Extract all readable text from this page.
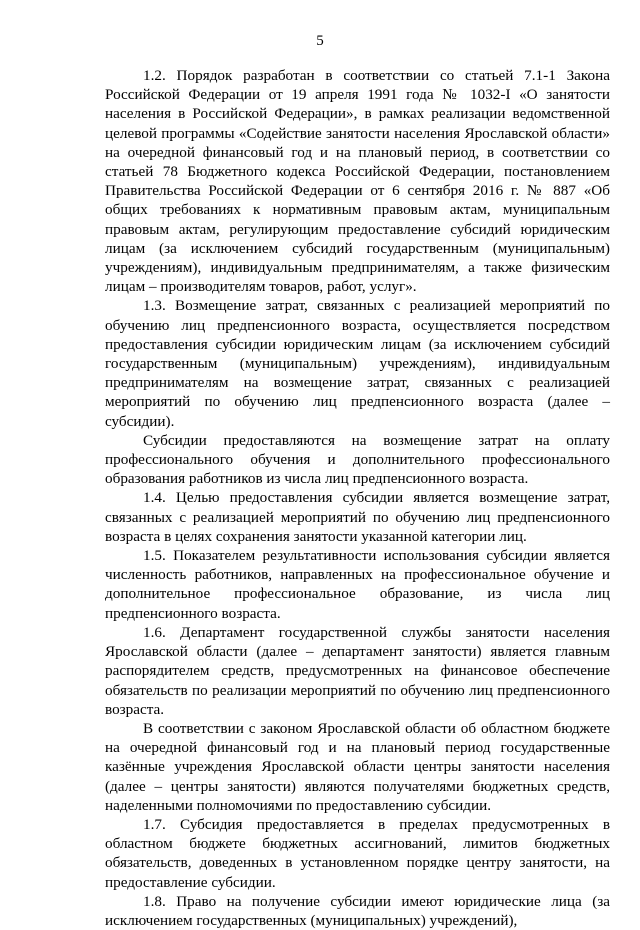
5

1.2. Порядок разработан в соответствии со статьей 7.1-1 Закона Российской Федерации от 19 апреля 1991 года № 1032-I «О занятости населения в Российской Федерации», в рамках реализации ведомственной целевой программы «Содействие занятости населения Ярославской области» на очередной финансовый год и на плановый период, в соответствии со статьей 78 Бюджетного кодекса Российской Федерации, постановлением Правительства Российской Федерации от 6 сентября 2016 г. № 887 «Об общих требованиях к нормативным правовым актам, муниципальным правовым актам, регулирующим предоставление субсидий юридическим лицам (за исключением субсидий государственным (муниципальным) учреждениям), индивидуальным предпринимателям, а также физическим лицам – производителям товаров, работ, услуг».

1.3. Возмещение затрат, связанных с реализацией мероприятий по обучению лиц предпенсионного возраста, осуществляется посредством предоставления субсидии юридическим лицам (за исключением субсидий государственным (муниципальным) учреждениям), индивидуальным предпринимателям на возмещение затрат, связанных с реализацией мероприятий по обучению лиц предпенсионного возраста (далее – субсидии).

Субсидии предоставляются на возмещение затрат на оплату профессионального обучения и дополнительного профессионального образования работников из числа лиц предпенсионного возраста.

1.4. Целью предоставления субсидии является возмещение затрат, связанных с реализацией мероприятий по обучению лиц предпенсионного возраста в целях сохранения занятости указанной категории лиц.

1.5. Показателем результативности использования субсидии является численность работников, направленных на профессиональное обучение и дополнительное профессиональное образование, из числа лиц предпенсионного возраста.

1.6. Департамент государственной службы занятости населения Ярославской области (далее – департамент занятости) является главным распорядителем средств, предусмотренных на финансовое обеспечение обязательств по реализации мероприятий по обучению лиц предпенсионного возраста.

В соответствии с законом Ярославской области об областном бюджете на очередной финансовый год и на плановый период государственные казённые учреждения Ярославской области центры занятости населения (далее – центры занятости) являются получателями бюджетных средств, наделенными полномочиями по предоставлению субсидии.

1.7. Субсидия предоставляется в пределах предусмотренных в областном бюджете бюджетных ассигнований, лимитов бюджетных обязательств, доведенных в установленном порядке центру занятости, на предоставление субсидии.

1.8. Право на получение субсидии имеют юридические лица (за исключением государственных (муниципальных) учреждений),
